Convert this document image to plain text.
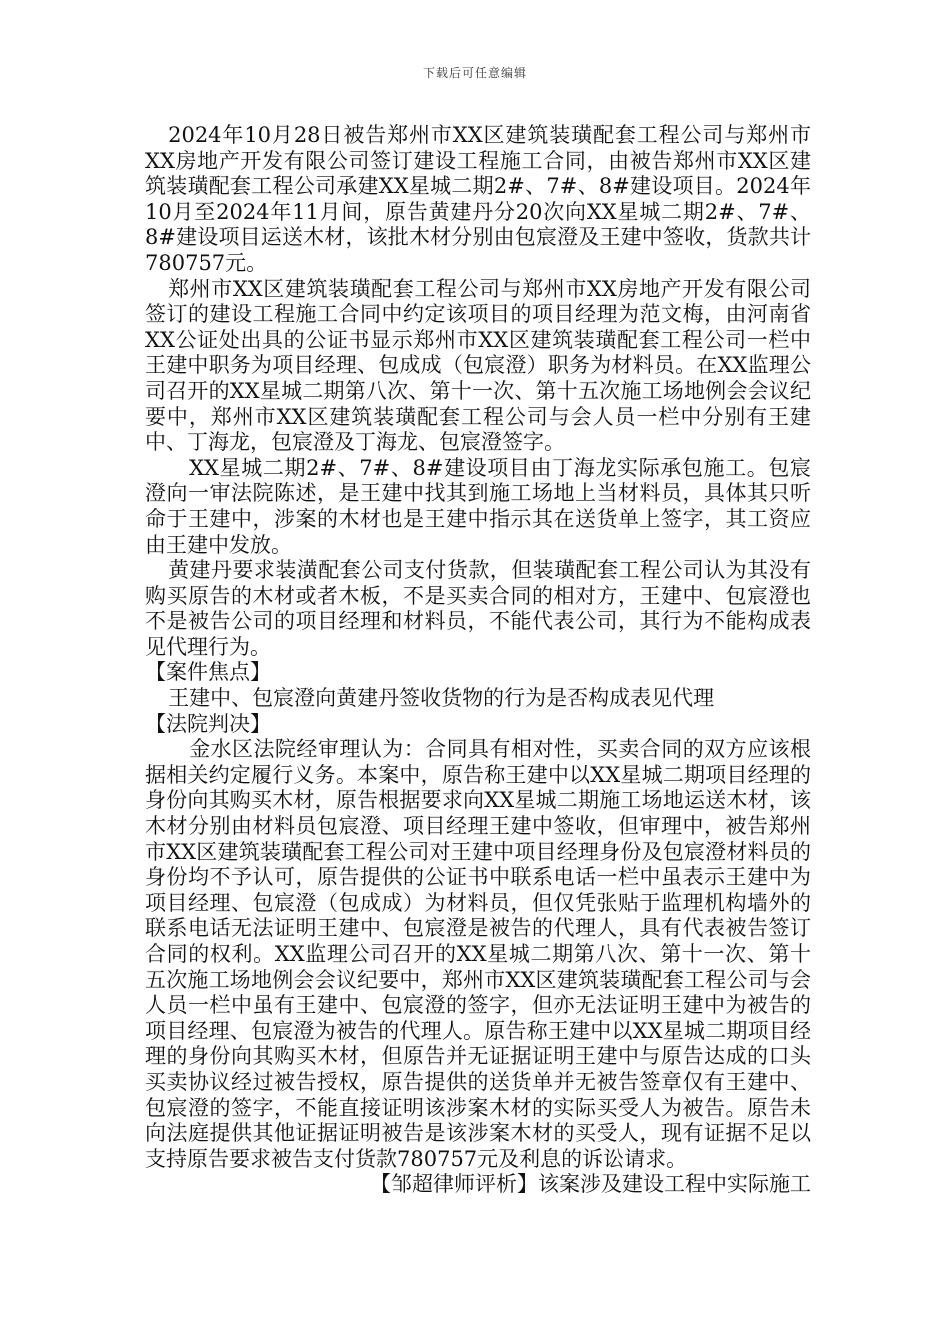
下载后可任意编辑

2024年10月28日被告郑州市XX区建筑装璜配套工程公司与郑州市XX房地产开发有限公司签订建设工程施工合同，由被告郑州市XX区建筑装璜配套工程公司承建XX星城二期2#、7#、8#建设项目。2024年10月至2024年11月间，原告黄建丹分20次向XX星城二期2#、7#、8#建设项目运送木材，该批木材分别由包宸澄及王建中签收，货款共计780757元。

郑州市XX区建筑装璜配套工程公司与郑州市XX房地产开发有限公司签订的建设工程施工合同中约定该项目的项目经理为范文梅，由河南省XX公证处出具的公证书显示郑州市XX区建筑装璜配套工程公司一栏中王建中职务为项目经理、包成成（包宸澄）职务为材料员。在XX监理公司召开的XX星城二期第八次、第十一次、第十五次施工场地例会会议纪要中，郑州市XX区建筑装璜配套工程公司与会人员一栏中分别有王建中、丁海龙，包宸澄及丁海龙、包宸澄签字。

XX星城二期2#、7#、8#建设项目由丁海龙实际承包施工。包宸澄向一审法院陈述，是王建中找其到施工场地上当材料员，具体其只听命于王建中，涉案的木材也是王建中指示其在送货单上签字，其工资应由王建中发放。

黄建丹要求装潢配套公司支付货款，但装璜配套工程公司认为其没有购买原告的木材或者木板，不是买卖合同的相对方，王建中、包宸澄也不是被告公司的项目经理和材料员，不能代表公司，其行为不能构成表见代理行为。

【案件焦点】

王建中、包宸澄向黄建丹签收货物的行为是否构成表见代理

【法院判决】

金水区法院经审理认为：合同具有相对性，买卖合同的双方应该根据相关约定履行义务。本案中，原告称王建中以XX星城二期项目经理的身份向其购买木材，原告根据要求向XX星城二期施工场地运送木材，该木材分别由材料员包宸澄、项目经理王建中签收，但审理中，被告郑州市XX区建筑装璜配套工程公司对王建中项目经理身份及包宸澄材料员的身份均不予认可，原告提供的公证书中联系电话一栏中虽表示王建中为项目经理、包宸澄（包成成）为材料员，但仅凭张贴于监理机构墙外的联系电话无法证明王建中、包宸澄是被告的代理人，具有代表被告签订合同的权利。XX监理公司召开的XX星城二期第八次、第十一次、第十五次施工场地例会会议纪要中，郑州市XX区建筑装璜配套工程公司与会人员一栏中虽有王建中、包宸澄的签字，但亦无法证明王建中为被告的项目经理、包宸澄为被告的代理人。原告称王建中以XX星城二期项目经理的身份向其购买木材，但原告并无证据证明王建中与原告达成的口头买卖协议经过被告授权，原告提供的送货单并无被告签章仅有王建中、包宸澄的签字，不能直接证明该涉案木材的实际买受人为被告。原告未向法庭提供其他证据证明被告是该涉案木材的买受人，现有证据不足以支持原告要求被告支付货款780757元及利息的诉讼请求。

【邹超律师评析】该案涉及建设工程中实际施工
